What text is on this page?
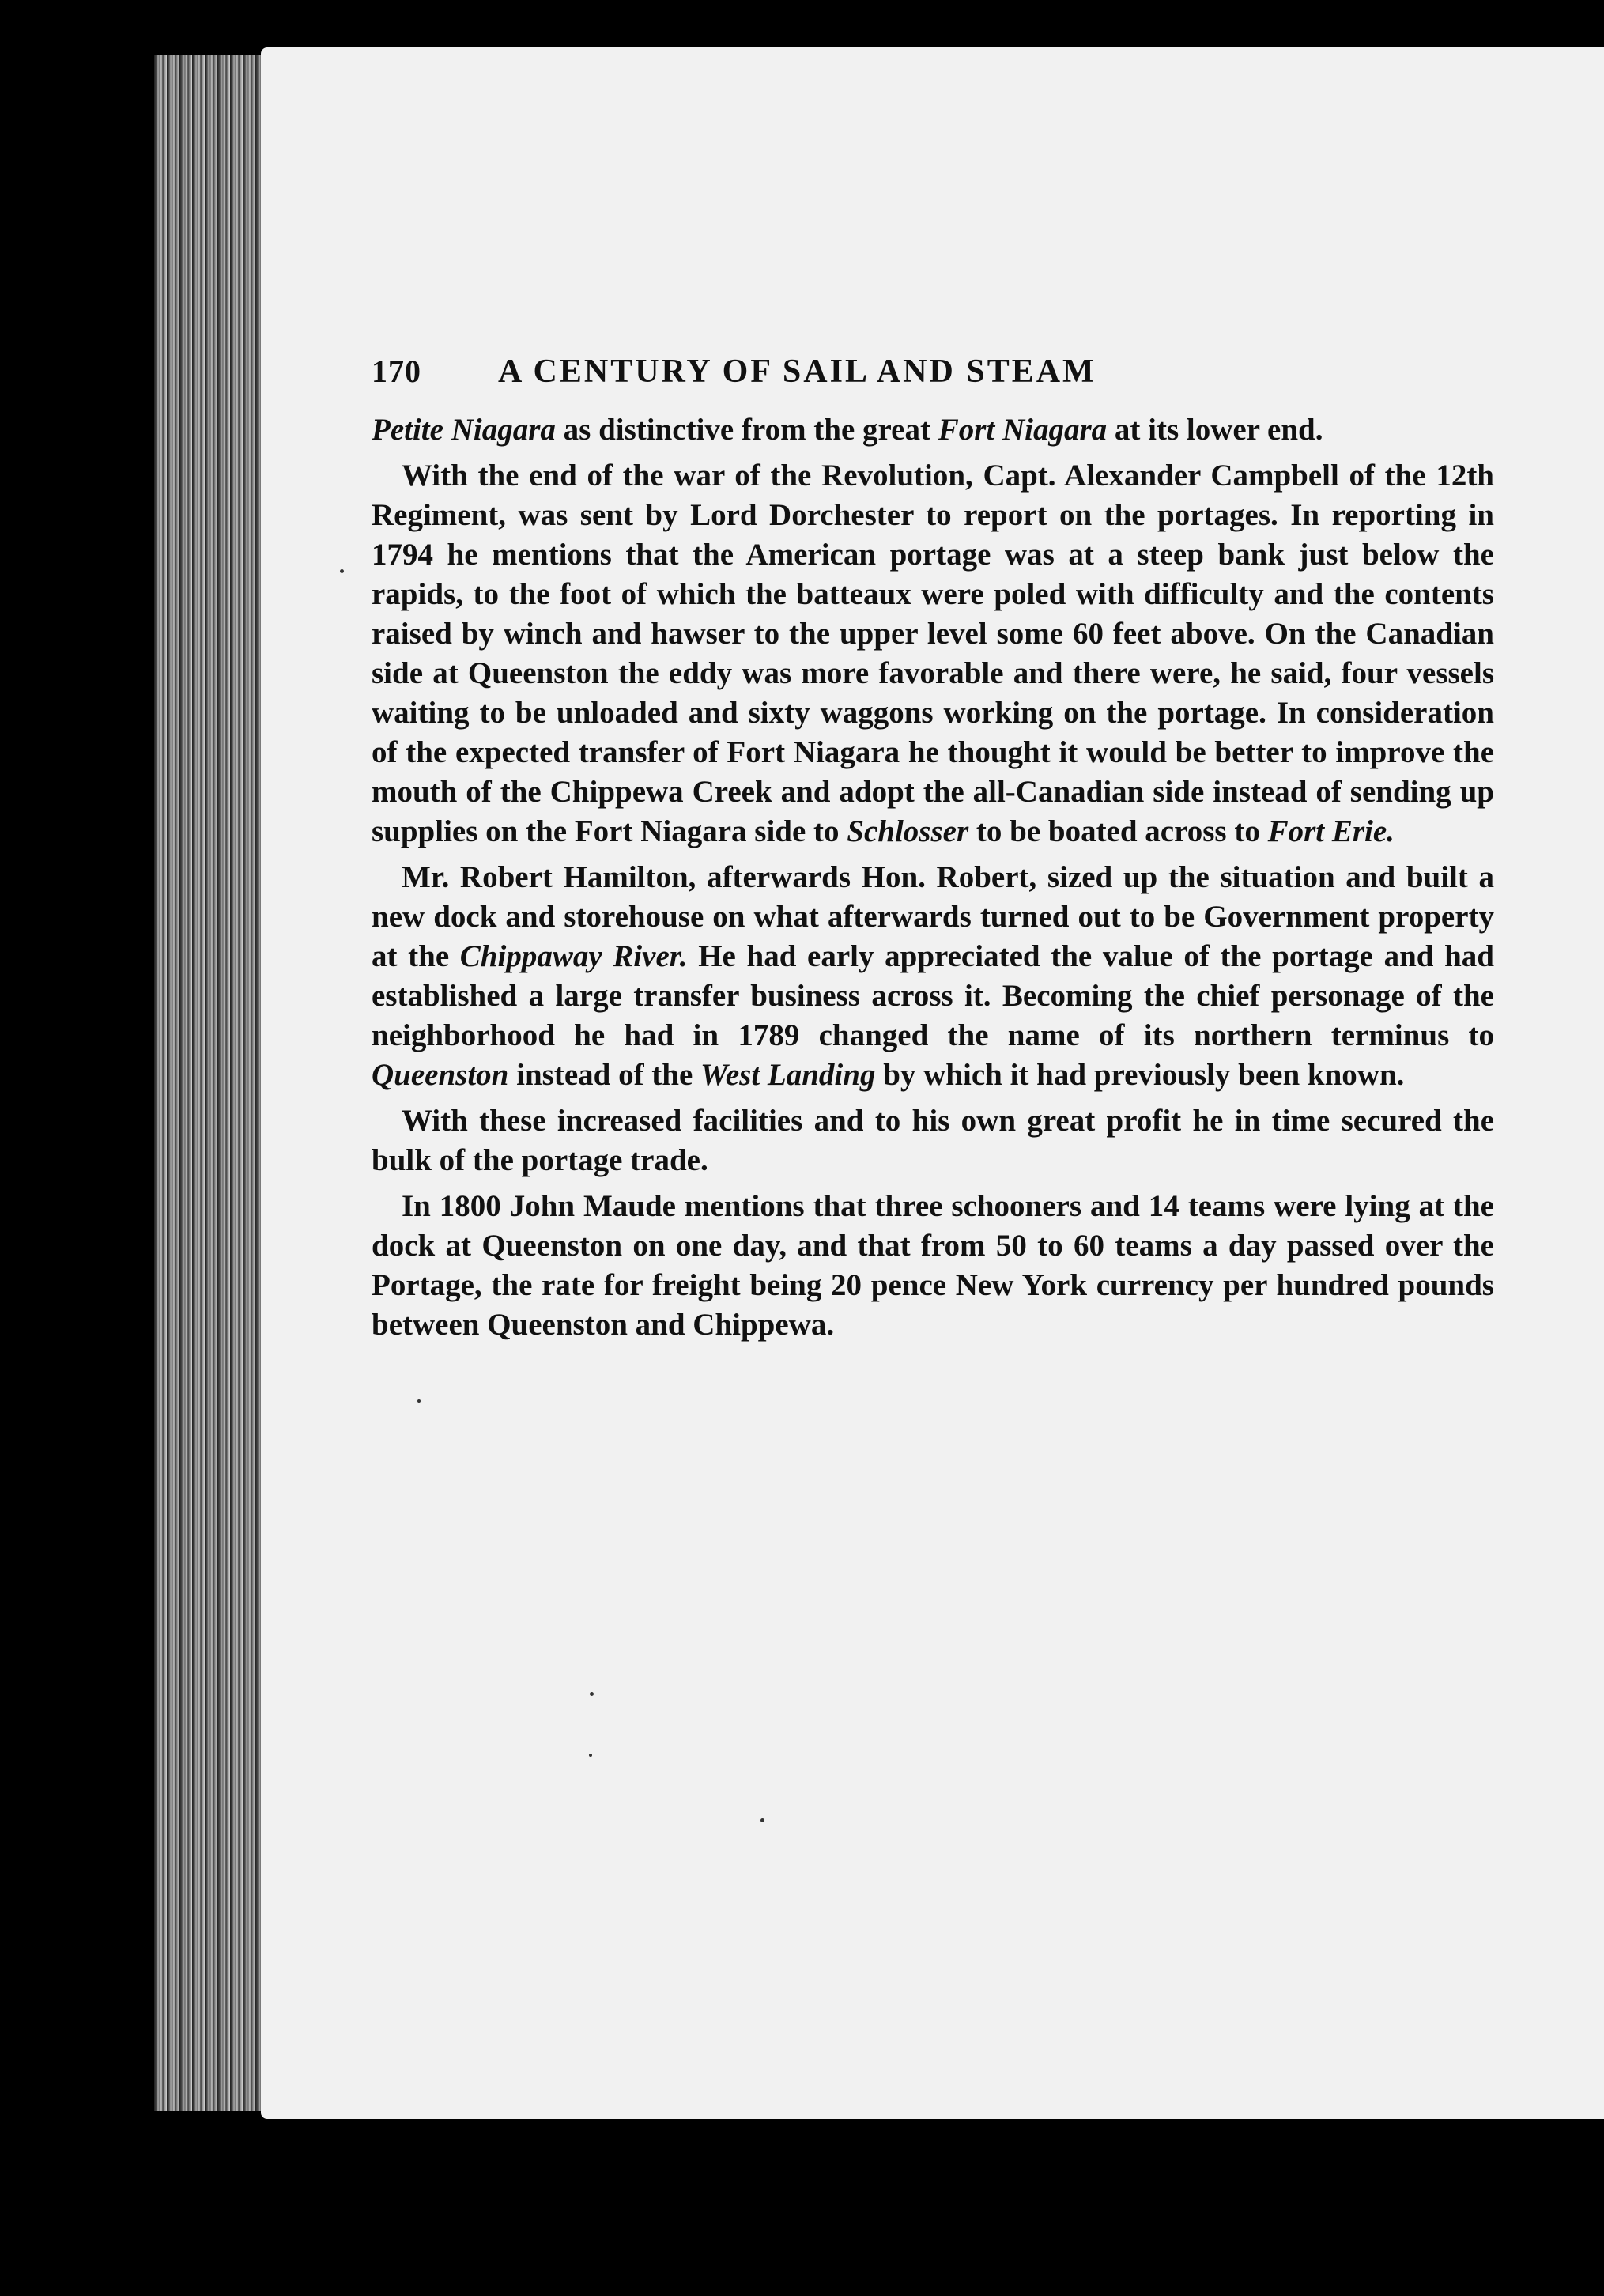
170	A CENTURY OF SAIL AND STEAM

Petite Niagara as distinctive from the great Fort Niagara at its lower end.

With the end of the war of the Revolution, Capt. Alexander Campbell of the 12th Regiment, was sent by Lord Dorchester to report on the portages. In reporting in 1794 he mentions that the American portage was at a steep bank just below the rapids, to the foot of which the batteaux were poled with difficulty and the contents raised by winch and hawser to the upper level some 60 feet above. On the Canadian side at Queenston the eddy was more favorable and there were, he said, four vessels waiting to be unloaded and sixty waggons working on the portage. In consideration of the expected transfer of Fort Niagara he thought it would be better to improve the mouth of the Chippewa Creek and adopt the all-Canadian side instead of sending up supplies on the Fort Niagara side to Schlosser to be boated across to Fort Erie.

Mr. Robert Hamilton, afterwards Hon. Robert, sized up the situation and built a new dock and storehouse on what afterwards turned out to be Government property at the Chippaway River. He had early appreciated the value of the portage and had established a large transfer business across it. Becoming the chief personage of the neighborhood he had in 1789 changed the name of its northern terminus to Queenston instead of the West Landing by which it had previously been known.

With these increased facilities and to his own great profit he in time secured the bulk of the portage trade.

In 1800 John Maude mentions that three schooners and 14 teams were lying at the dock at Queenston on one day, and that from 50 to 60 teams a day passed over the Portage, the rate for freight being 20 pence New York currency per hundred pounds between Queenston and Chippewa.
